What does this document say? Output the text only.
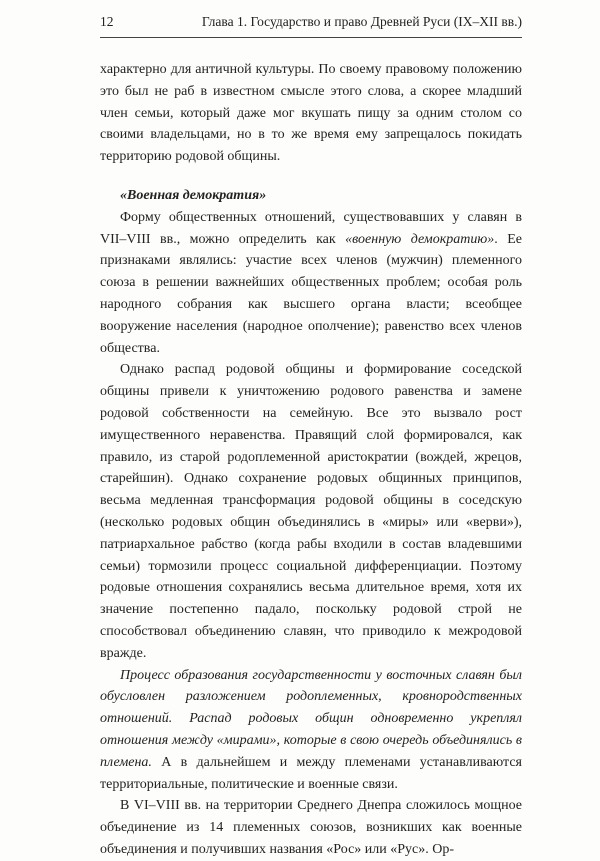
12	Глава 1. Государство и право Древней Руси (IX–XII вв.)

характерно для античной культуры. По своему правовому положению это был не раб в известном смысле этого слова, а скорее младший член семьи, который даже мог вкушать пищу за одним столом со своими владельцами, но в то же время ему запрещалось покидать территорию родовой общины.

«Военная демократия»

Форму общественных отношений, существовавших у славян в VII–VIII вв., можно определить как «военную демократию». Ее признаками являлись: участие всех членов (мужчин) племенного союза в решении важнейших общественных проблем; особая роль народного собрания как высшего органа власти; всеобщее вооружение населения (народное ополчение); равенство всех членов общества.

Однако распад родовой общины и формирование соседской общины привели к уничтожению родового равенства и замене родовой собственности на семейную. Все это вызвало рост имущественного неравенства. Правящий слой формировался, как правило, из старой родоплеменной аристократии (вождей, жрецов, старейшин). Однако сохранение родовых общинных принципов, весьма медленная трансформация родовой общины в соседскую (несколько родовых общин объединялись в «миры» или «верви»), патриархальное рабство (когда рабы входили в состав владевшими семьи) тормозили процесс социальной дифференциации. Поэтому родовые отношения сохранялись весьма длительное время, хотя их значение постепенно падало, поскольку родовой строй не способствовал объединению славян, что приводило к межродовой вражде.

Процесс образования государственности у восточных славян был обусловлен разложением родоплеменных, кровнородственных отношений. Распад родовых общин одновременно укреплял отношения между «мирами», которые в свою очередь объединялись в племена. А в дальнейшем и между племенами устанавливаются территориальные, политические и военные связи.

В VI–VIII вв. на территории Среднего Днепра сложилось мощное объединение из 14 племенных союзов, возникших как военные объединения и получивших названия «Рос» или «Рус». Ор-
